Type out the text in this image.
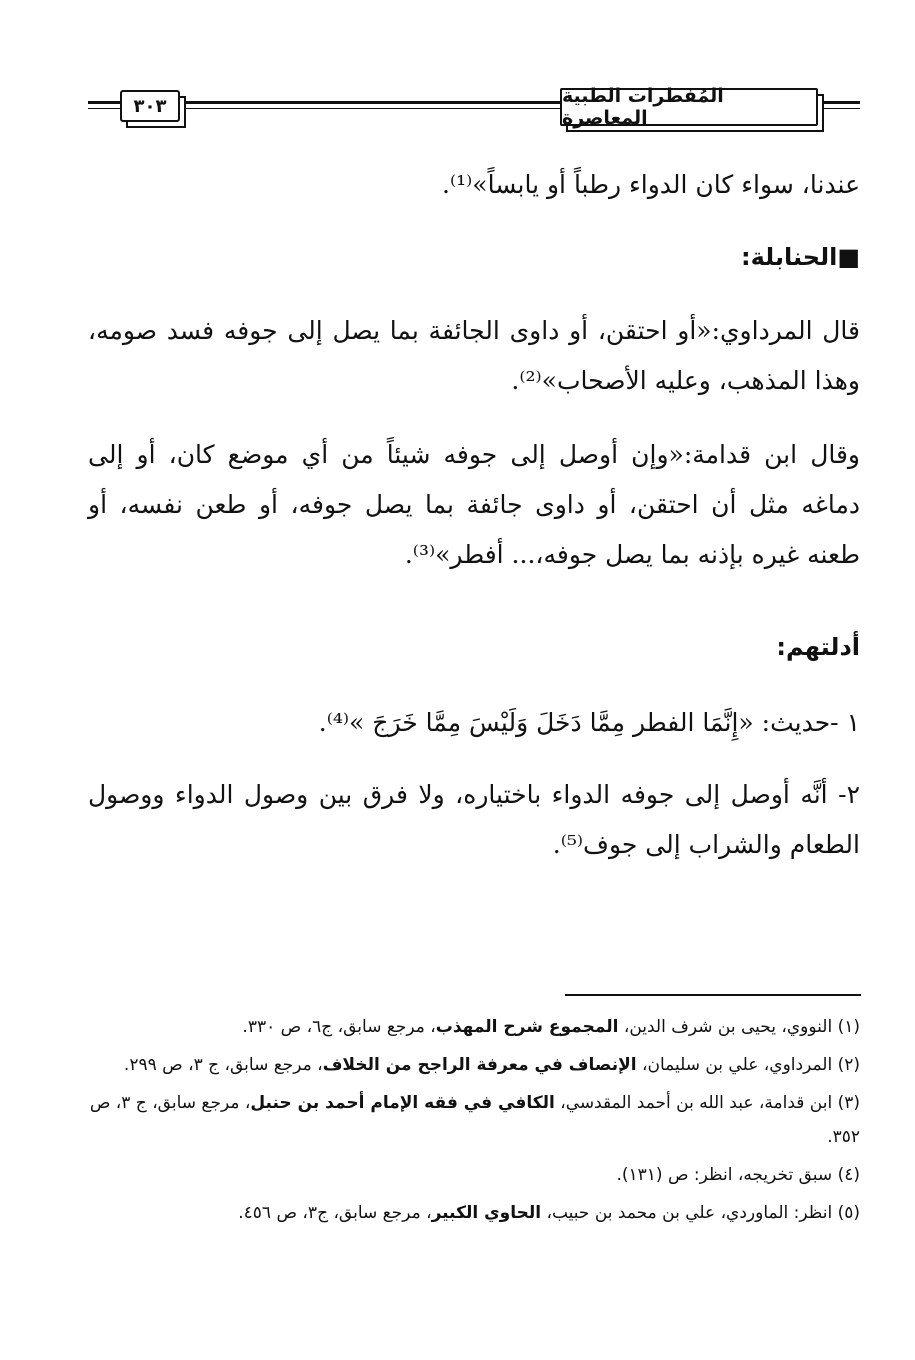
٣٠٣	المُفطرات الطبية المعاصرة

عندنا، سواء كان الدواء رطباً أو يابساً»⁽¹⁾.

■الحنابلة:

قال المرداوي:«أو احتقن، أو داوى الجائفة بما يصل إلى جوفه فسد صومه، وهذا المذهب، وعليه الأصحاب»⁽²⁾.

وقال ابن قدامة:«وإن أوصل إلى جوفه شيئاً من أي موضع كان، أو إلى دماغه مثل أن احتقن، أو داوى جائفة بما يصل جوفه، أو طعن نفسه، أو طعنه غيره بإذنه بما يصل جوفه،... أفطر»⁽³⁾.

أدلتهم:

١ -حديث: «إِنَّمَا الفطر مِمَّا دَخَلَ وَلَيْسَ مِمَّا خَرَجَ »⁽⁴⁾.

٢- أنَّه أوصل إلى جوفه الدواء باختياره، ولا فرق بين وصول الدواء ووصول الطعام والشراب إلى جوف⁽⁵⁾.

(١) النووي، يحيى بن شرف الدين، المجموع شرح المهذب، مرجع سابق، ج٦، ص ٣٣٠.

(٢) المرداوي، علي بن سليمان، الإنصاف في معرفة الراجح من الخلاف، مرجع سابق، ج ٣، ص ٢٩٩.

(٣) ابن قدامة، عبد الله بن أحمد المقدسي، الكافي في فقه الإمام أحمد بن حنبل، مرجع سابق، ج ٣، ص ٣٥٢.

(٤) سبق تخريجه، انظر: ص (١٣١).

(٥) انظر: الماوردي، علي بن محمد بن حبيب، الحاوي الكبير، مرجع سابق، ج٣، ص ٤٥٦.
